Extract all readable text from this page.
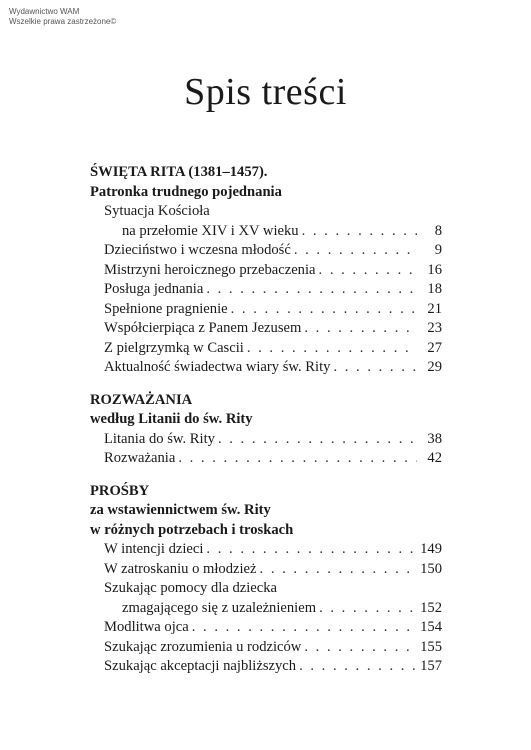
Wydawnictwo WAM
Wszelkie prawa zastrzeżone©
Spis treści
ŚWIĘTA RITA (1381–1457).
Patronka trudnego pojednania
Sytuacja Kościoła
na przełomie XIV i XV wieku . . .	8
Dzieciństwo i wczesna młodość . . .	9
Mistrzyni heroicznego przebaczenia . . .	16
Posługa jednania . . .	18
Spełnione pragnienie . . .	21
Współcierpiąca z Panem Jezusem . . .	23
Z pielgrzymką w Cascii . . .	27
Aktualność świadectwa wiary św. Rity . . .	29
ROZWAŻANIA
według Litanii do św. Rity
Litania do św. Rity . . .	38
Rozważania . . .	42
PROŚBY
za wstawiennictwem św. Rity
w różnych potrzebach i troskach
W intencji dzieci . . .	149
W zatroskaniu o młodzież . . .	150
Szukając pomocy dla dziecka
zmagającego się z uzależnieniem . . .	152
Modlitwa ojca . . .	154
Szukając zrozumienia u rodziców . . .	155
Szukając akceptacji najbliższych . . .	157
